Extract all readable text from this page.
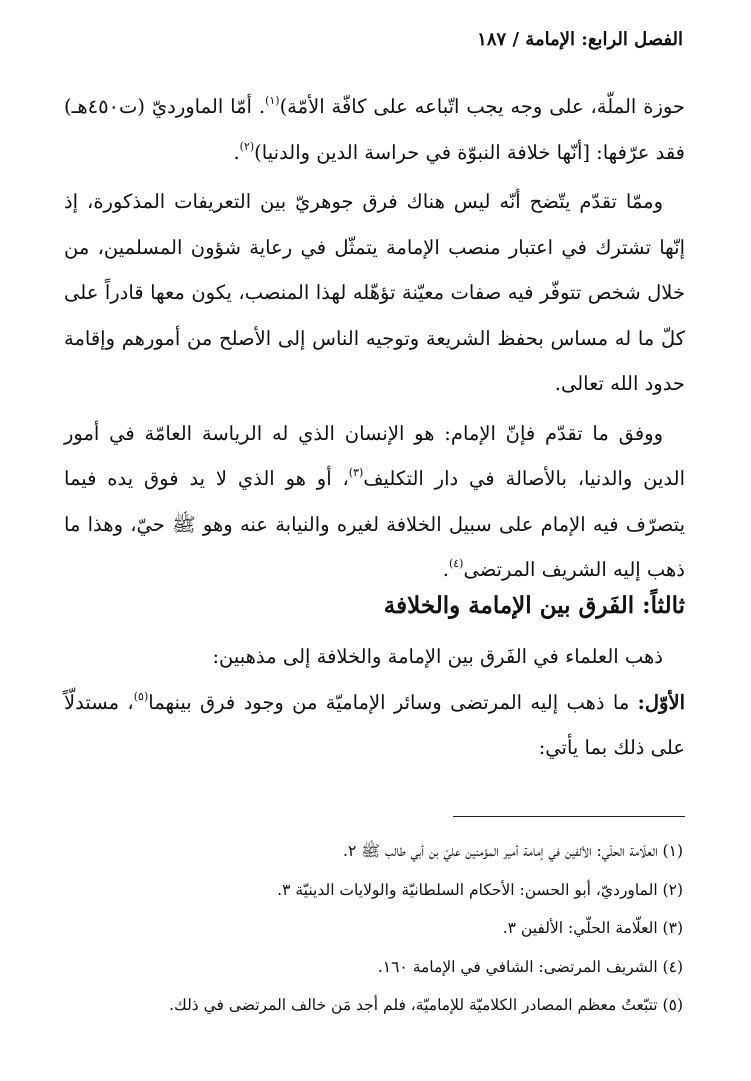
الفصل الرابع: الإمامة / ١٨٧

حوزة الملّة، على وجه يجب اتّباعه على كافّة الأمّة)$^{(١)}$. أمّا الماورديّ (ت٤٥٠هـ) فقد عرّفها: [أنّها خلافة النبوّة في حراسة الدين والدنيا)$^{(٢)}$.

وممّا تقدّم يتّضح أنّه ليس هناك فرق جوهريّ بين التعريفات المذكورة، إذ إنّها تشترك في اعتبار منصب الإمامة يتمثّل في رعاية شؤون المسلمين، من خلال شخص تتوفّر فيه صفات معيّنة تؤهّله لهذا المنصب، يكون معها قادراً على كلّ ما له مساس بحفظ الشريعة وتوجيه الناس إلى الأصلح من أمورهم وإقامة حدود الله تعالى.

ووفق ما تقدّم فإنّ الإمام: هو الإنسان الذي له الرياسة العامّة في أمور الدين والدنيا، بالأصالة في دار التكليف$^{(٣)}$، أو هو الذي لا يد فوق يده فيما يتصرّف فيه الإمام على سبيل الخلافة لغيره والنيابة عنه وهو ﷺ حيّ، وهذا ما ذهب إليه الشريف المرتضى$^{(٤)}$.

ثالثاً: الفَرق بين الإمامة والخلافة

ذهب العلماء في الفَرق بين الإمامة والخلافة إلى مذهبين:

الأوّل: ما ذهب إليه المرتضى وسائر الإماميّة من وجود فرق بينهما$^{(٥)}$، مستدلّاً على ذلك بما يأتي:

(١) العلّامة الحلّي: الألفين في إمامة أمير المؤمنين عليّ بن أبي طالب ﷺ ٢.
(٢) الماورديّ، أبو الحسن: الأحكام السلطانيّة والولايات الدينيّة ٣.
(٣) العلّامة الحلّي: الألفين ٣.
(٤) الشريف المرتضى: الشافي في الإمامة ١٦٠.
(٥) تتبّعتُ معظم المصادر الكلاميّة للإماميّة، فلم أجد مَن خالف المرتضى في ذلك.
